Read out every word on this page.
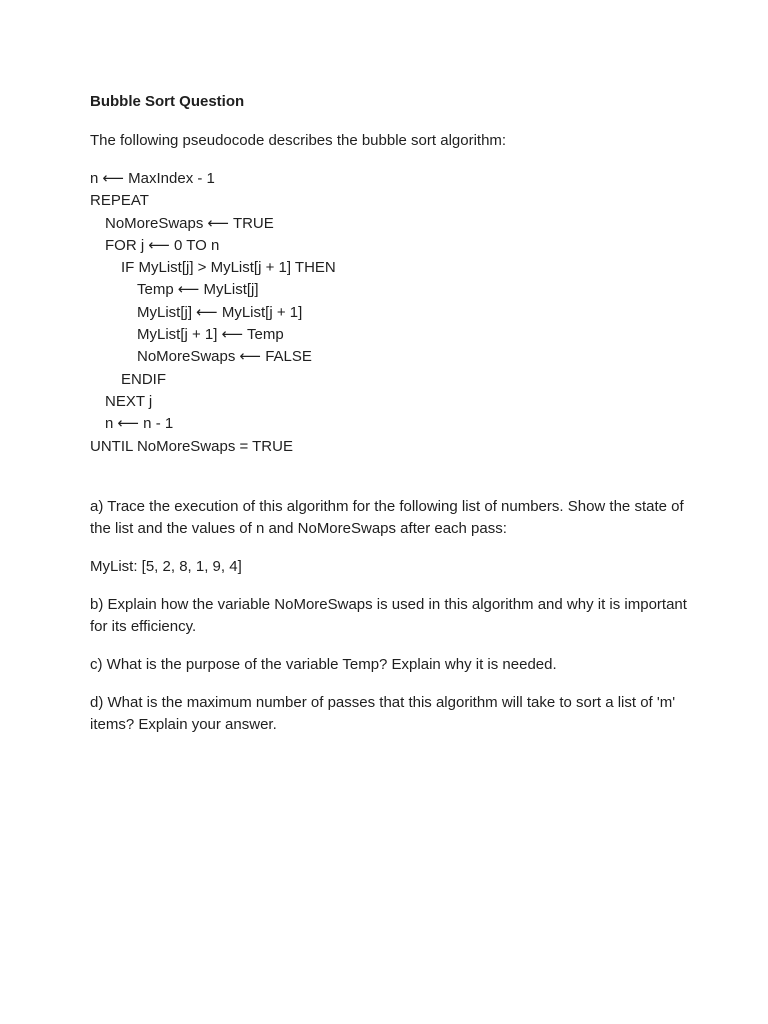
Bubble Sort Question
The following pseudocode describes the bubble sort algorithm:
n ⟵ MaxIndex - 1
REPEAT
NoMoreSwaps ⟵ TRUE
FOR j ⟵ 0 TO n
IF MyList[j] > MyList[j + 1] THEN
Temp ⟵ MyList[j]
MyList[j] ⟵ MyList[j + 1]
MyList[j + 1] ⟵ Temp
NoMoreSwaps ⟵ FALSE
ENDIF
NEXT j
n ⟵ n - 1
UNTIL NoMoreSwaps = TRUE
a) Trace the execution of this algorithm for the following list of numbers. Show the state of the list and the values of n and NoMoreSwaps after each pass:
MyList: [5, 2, 8, 1, 9, 4]
b) Explain how the variable NoMoreSwaps is used in this algorithm and why it is important for its efficiency.
c) What is the purpose of the variable Temp? Explain why it is needed.
d) What is the maximum number of passes that this algorithm will take to sort a list of 'm' items? Explain your answer.
